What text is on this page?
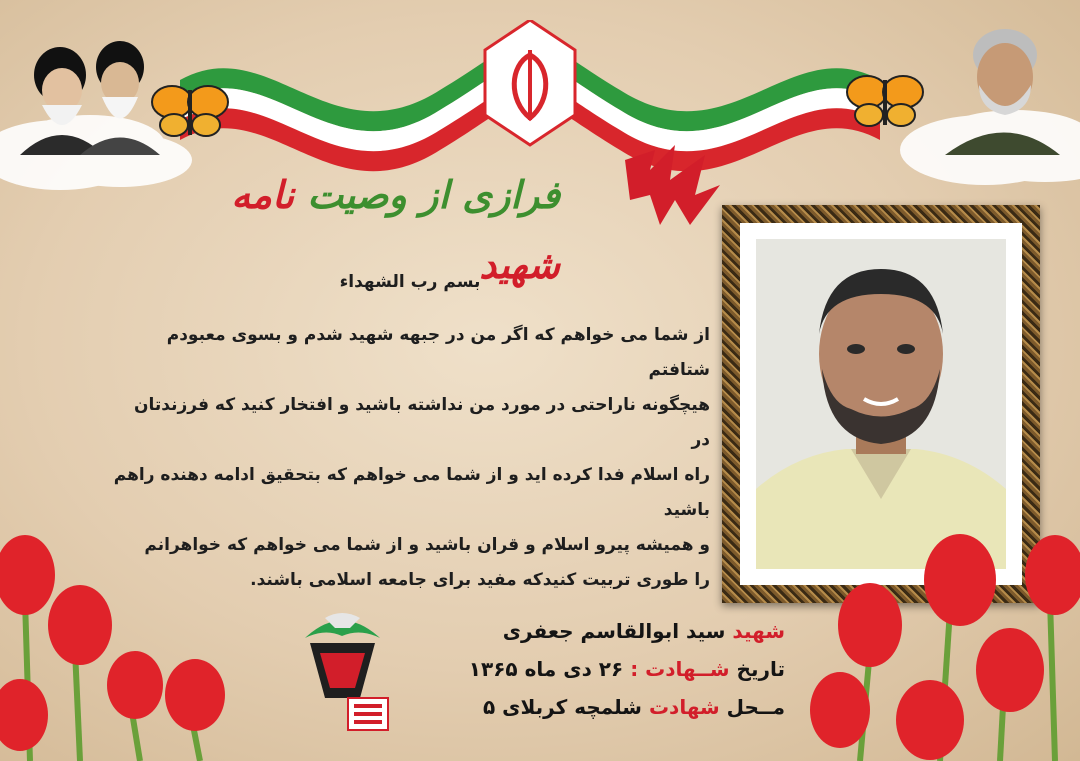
فرازی از وصیت نامه شهید

بسم رب الشهداء

از شما می خواهم که اگر من در جبهه شهید شدم و بسوی معبودم شتافتم

هیچگونه ناراحتی در مورد من نداشته باشید و افتخار کنید که فرزندتان در

راه اسلام فدا کرده اید و از شما می خواهم که بتحقیق ادامه دهنده راهم باشید

و همیشه پیرو اسلام و قران باشید و از شما می خواهم که خواهرانم

را طوری تربیت کنیدکه مفید برای جامعه اسلامی باشند.

شهید سید ابوالقاسم جعفری
تاریخ شــهادت : ۲۶ دی ماه ۱۳۶۵
مــحل شهادت شلمچه کربلای ۵
